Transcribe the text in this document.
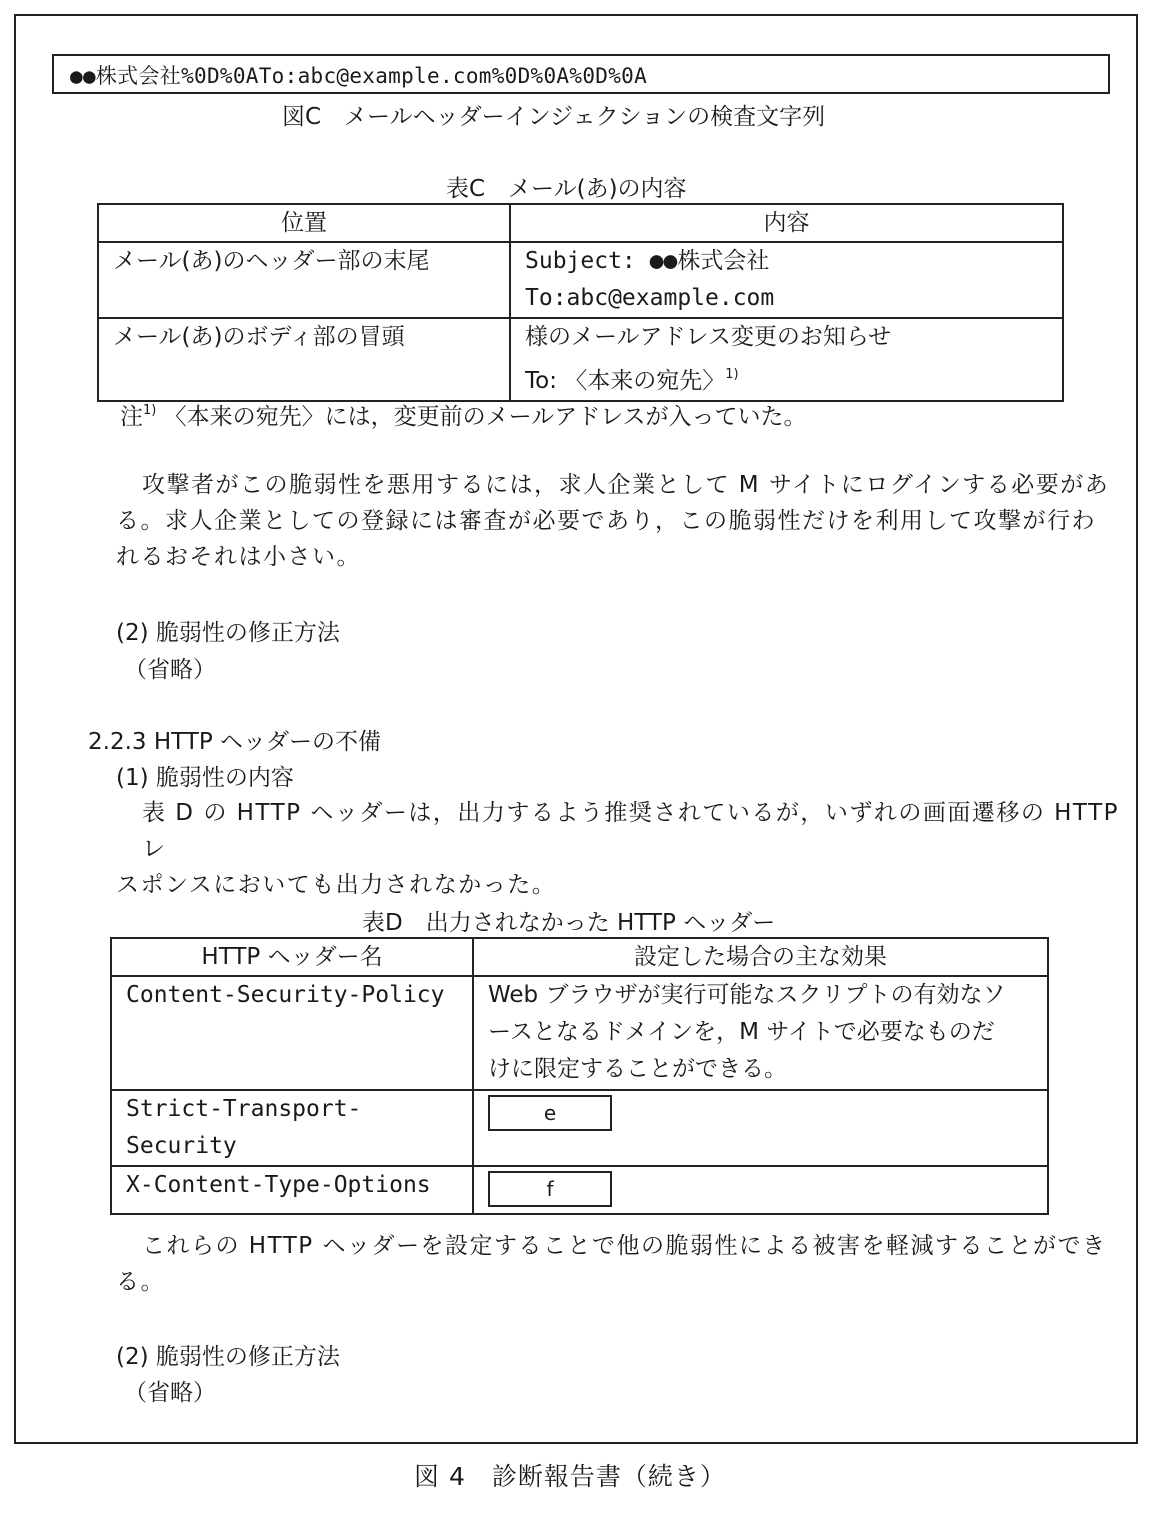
●●株式会社%0D%0ATo:abc@example.com%0D%0A%0D%0A
図C　メールヘッダーインジェクションの検査文字列
表C　メール(あ)の内容
位置	内容
メール(あ)のヘッダー部の末尾	Subject: ●●株式会社
To:abc@example.com

メール(あ)のボディ部の冒頭	様のメールアドレス変更のお知らせ
To: 〈本来の宛先〉$^{1)}$
注$^{1)}$ 〈本来の宛先〉には，変更前のメールアドレスが入っていた。
攻撃者がこの脆弱性を悪用するには，求人企業として M サイトにログインする必要があ
る。求人企業としての登録には審査が必要であり，この脆弱性だけを利用して攻撃が行わ
れるおそれは小さい。
(2) 脆弱性の修正方法
（省略）
2.2.3 HTTP ヘッダーの不備
(1) 脆弱性の内容
表 D の HTTP ヘッダーは，出力するよう推奨されているが，いずれの画面遷移の HTTP レ
スポンスにおいても出力されなかった。
表D　出力されなかった HTTP ヘッダー
HTTP ヘッダー名	設定した場合の主な効果
Content-Security-Policy	Web ブラウザが実行可能なスクリプトの有効なソ
ースとなるドメインを，M サイトで必要なものだ
けに限定することができる。

Strict-Transport-Security	e
X-Content-Type-Options	f
これらの HTTP ヘッダーを設定することで他の脆弱性による被害を軽減することができ
る。
(2) 脆弱性の修正方法
（省略）
図 4　診断報告書（続き）
